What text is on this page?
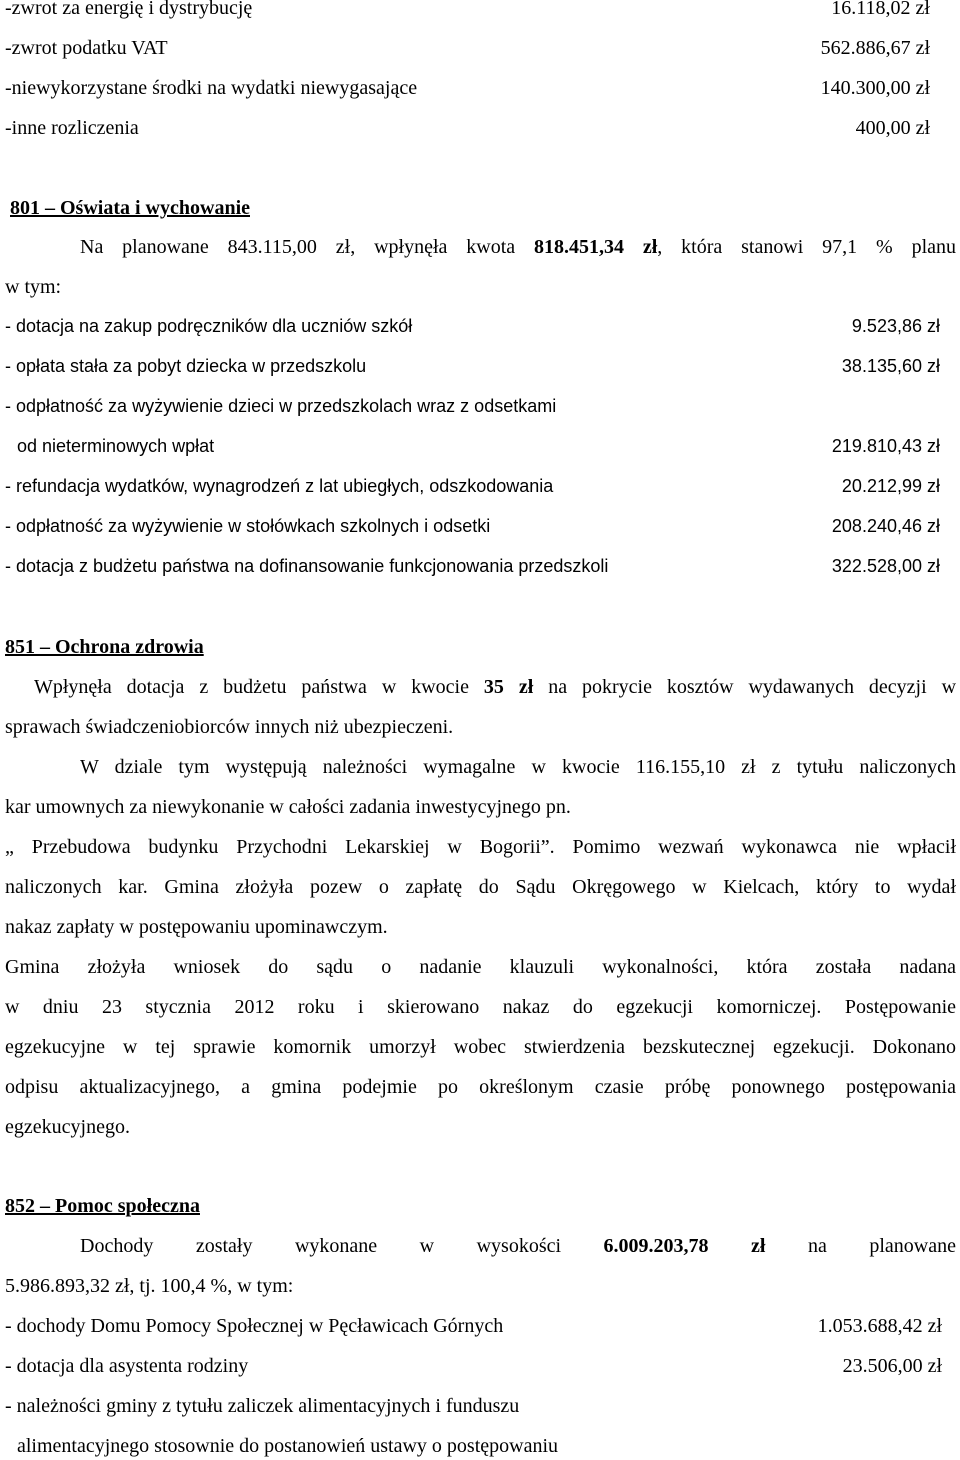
-zwrot za energię i dystrybucję	16.118,02 zł
-zwrot podatku VAT	562.886,67 zł
-niewykorzystane środki na wydatki niewygasające	140.300,00 zł
-inne rozliczenia	400,00 zł
801 – Oświata i wychowanie
Na planowane 843.115,00 zł, wpłynęła kwota 818.451,34 zł, która stanowi 97,1 % planu
w tym:
- dotacja na zakup podręczników dla uczniów szkół	9.523,86 zł
- opłata stała za pobyt dziecka w przedszkolu	38.135,60 zł
- odpłatność za wyżywienie dzieci w przedszkolach wraz z odsetkami
od nieterminowych wpłat	219.810,43 zł
- refundacja wydatków, wynagrodzeń z lat ubiegłych, odszkodowania	20.212,99 zł
- odpłatność za wyżywienie w stołówkach szkolnych i odsetki	208.240,46 zł
- dotacja z budżetu państwa na dofinansowanie funkcjonowania przedszkoli	322.528,00 zł
851 – Ochrona zdrowia
Wpłynęła dotacja z budżetu państwa w kwocie 35 zł na pokrycie kosztów wydawanych decyzji w
sprawach świadczeniobiorców innych niż ubezpieczeni.
W dziale tym występują należności wymagalne w kwocie 116.155,10 zł z tytułu naliczonych
kar umownych za niewykonanie w całości zadania inwestycyjnego pn.
„ Przebudowa budynku Przychodni Lekarskiej w Bogorii”. Pomimo wezwań wykonawca nie wpłacił
naliczonych kar. Gmina złożyła pozew o zapłatę do Sądu Okręgowego w Kielcach, który to wydał
nakaz zapłaty w postępowaniu upominawczym.
Gmina złożyła wniosek do sądu o nadanie klauzuli wykonalności, która została nadana
w dniu 23 stycznia 2012 roku i skierowano nakaz do egzekucji komorniczej. Postępowanie
egzekucyjne w tej sprawie komornik umorzył wobec stwierdzenia bezskutecznej egzekucji. Dokonano
odpisu aktualizacyjnego, a gmina podejmie po określonym czasie próbę ponownego postępowania
egzekucyjnego.
852 – Pomoc społeczna
Dochody zostały wykonane w wysokości 6.009.203,78 zł na planowane
5.986.893,32 zł, tj. 100,4 %, w tym:
- dochody Domu Pomocy Społecznej w Pęcławicach Górnych	1.053.688,42 zł
- dotacja dla asystenta rodziny	23.506,00 zł
- należności gminy z tytułu zaliczek alimentacyjnych i funduszu
alimentacyjnego stosownie do postanowień ustawy o postępowaniu
